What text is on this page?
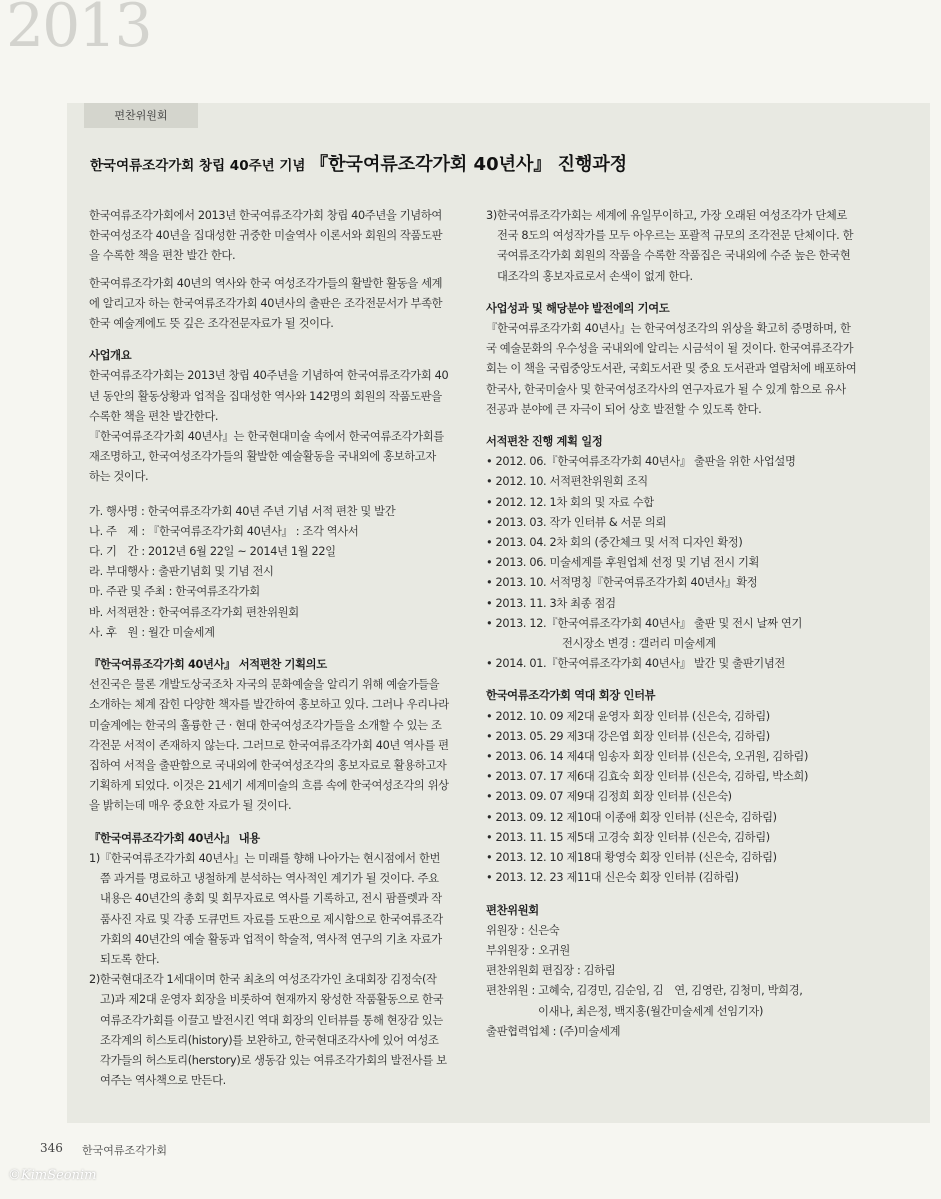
2013
편찬위원회
한국여류조각가회 창립 40주년 기념 『한국여류조각가회 40년사』 진행과정

한국여류조각가회에서 2013년 한국여류조각가회 창립 40주년을 기념하여 한국여성조각 40년을 집대성한 귀중한 미술역사 이론서와 회원의 작품도판을 수록한 책을 편찬 발간 한다.

한국여류조각가회 40년의 역사와 한국 여성조각가들의 활발한 활동을 세계에 알리고자 하는 한국여류조각가회 40년사의 출판은 조각전문서가 부족한 한국 예술계에도 뜻 깊은 조각전문자료가 될 것이다.

사업개요

한국여류조각가회는 2013년 창립 40주년을 기념하여 한국여류조각가회 40년 동안의 활동상황과 업적을 집대성한 역사와 142명의 회원의 작품도판을 수록한 책을 편찬 발간한다.

『한국여류조각가회 40년사』는 한국현대미술 속에서 한국여류조각가회를 재조명하고, 한국여성조각가들의 활발한 예술활동을 국내외에 홍보하고자 하는 것이다.

가. 행사명 : 한국여류조각가회 40년 주년 기념 서적 편찬 및 발간
나. 주　제 : 『한국여류조각가회 40년사』 : 조각 역사서
다. 기　간 : 2012년 6월 22일 ~ 2014년 1월 22일
라. 부대행사 : 출판기념회 및 기념 전시
마. 주관 및 주최 : 한국여류조각가회
바. 서적편찬 : 한국여류조각가회 편찬위원회
사. 후　원 : 월간 미술세계

『한국여류조각가회 40년사』 서적편찬 기획의도

선진국은 물론 개발도상국조차 자국의 문화예술을 알리기 위해 예술가들을 소개하는 체계 잡힌 다양한 책자를 발간하여 홍보하고 있다. 그러나 우리나라 미술계에는 한국의 훌륭한 근 · 현대 한국여성조각가들을 소개할 수 있는 조각전문 서적이 존재하지 않는다. 그러므로 한국여류조각가회 40년 역사를 편집하여 서적을 출판함으로 국내외에 한국여성조각의 홍보자료로 활용하고자 기획하게 되었다. 이것은 21세기 세계미술의 흐름 속에 한국여성조각의 위상을 밝히는데 매우 중요한 자료가 될 것이다.

『한국여류조각가회 40년사』 내용

1)『한국여류조각가회 40년사』는 미래를 향해 나아가는 현시점에서 한번쯤 과거를 명료하고 냉철하게 분석하는 역사적인 계기가 될 것이다. 주요내용은 40년간의 총회 및 회무자료로 역사를 기록하고, 전시 팜플렛과 작품사진 자료 및 각종 도큐먼트 자료를 도판으로 제시함으로 한국여류조각가회의 40년간의 예술 활동과 업적이 학술적, 역사적 연구의 기초 자료가 되도록 한다.

2)한국현대조각 1세대이며 한국 최초의 여성조각가인 초대회장 김정숙(작고)과 제2대 운영자 회장을 비롯하여 현재까지 왕성한 작품활동으로 한국여류조각가회를 이끌고 발전시킨 역대 회장의 인터뷰를 통해 현장감 있는 조각계의 히스토리(history)를 보완하고, 한국현대조각사에 있어 여성조각가들의 허스토리(herstory)로 생동감 있는 여류조각가회의 발전사를 보여주는 역사책으로 만든다.

3)한국여류조각가회는 세계에 유일무이하고, 가장 오래된 여성조각가 단체로 전국 8도의 여성작가를 모두 아우르는 포괄적 규모의 조각전문 단체이다. 한국여류조각가회 회원의 작품을 수록한 작품집은 국내외에 수준 높은 한국현대조각의 홍보자료로서 손색이 없게 한다.

사업성과 및 해당분야 발전에의 기여도

『한국여류조각가회 40년사』는 한국여성조각의 위상을 확고히 증명하며, 한국 예술문화의 우수성을 국내외에 알리는 시금석이 될 것이다. 한국여류조각가회는 이 책을 국립중앙도서관, 국회도서관 및 중요 도서관과 열람처에 배포하여 한국사, 한국미술사 및 한국여성조각사의 연구자료가 될 수 있게 함으로 유사 전공과 분야에 큰 자극이 되어 상호 발전할 수 있도록 한다.

서적편찬 진행 계획 일정

• 2012. 06.『한국여류조각가회 40년사』 출판을 위한 사업설명
• 2012. 10. 서적편찬위원회 조직
• 2012. 12. 1차 회의 및 자료 수합
• 2013. 03. 작가 인터뷰 & 서문 의뢰
• 2013. 04. 2차 회의 (중간체크 및 서적 디자인 확정)
• 2013. 06. 미술세계를 후원업체 선정 및 기념 전시 기획
• 2013. 10. 서적명칭『한국여류조각가회 40년사』확정
• 2013. 11. 3차 최종 점검
• 2013. 12.『한국여류조각가회 40년사』 출판 및 전시 날짜 연기
전시장소 변경 : 갤러리 미술세계
• 2014. 01.『한국여류조각가회 40년사』 발간 및 출판기념전

한국여류조각가회 역대 회장 인터뷰

• 2012. 10. 09 제2대 윤영자 회장 인터뷰 (신은숙, 김하림)
• 2013. 05. 29 제3대 강은엽 회장 인터뷰 (신은숙, 김하림)
• 2013. 06. 14 제4대 임송자 회장 인터뷰 (신은숙, 오귀원, 김하림)
• 2013. 07. 17 제6대 김효숙 회장 인터뷰 (신은숙, 김하림, 박소희)
• 2013. 09. 07 제9대 김정희 회장 인터뷰 (신은숙)
• 2013. 09. 12 제10대 이종애 회장 인터뷰 (신은숙, 김하림)
• 2013. 11. 15 제5대 고경숙 회장 인터뷰 (신은숙, 김하림)
• 2013. 12. 10 제18대 황영숙 회장 인터뷰 (신은숙, 김하림)
• 2013. 12. 23 제11대 신은숙 회장 인터뷰 (김하림)

편찬위원회

위원장 : 신은숙
부위원장 : 오귀원
편찬위원회 편집장 : 김하림
편찬위원 : 고혜숙, 김경민, 김순임, 김　연, 김영란, 김청미, 박희경,
이새나, 최은정, 백지홍(월간미술세계 선임기자)
출판협력업체 : (주)미술세계
346 한국여류조각가회
©KimSeonim
